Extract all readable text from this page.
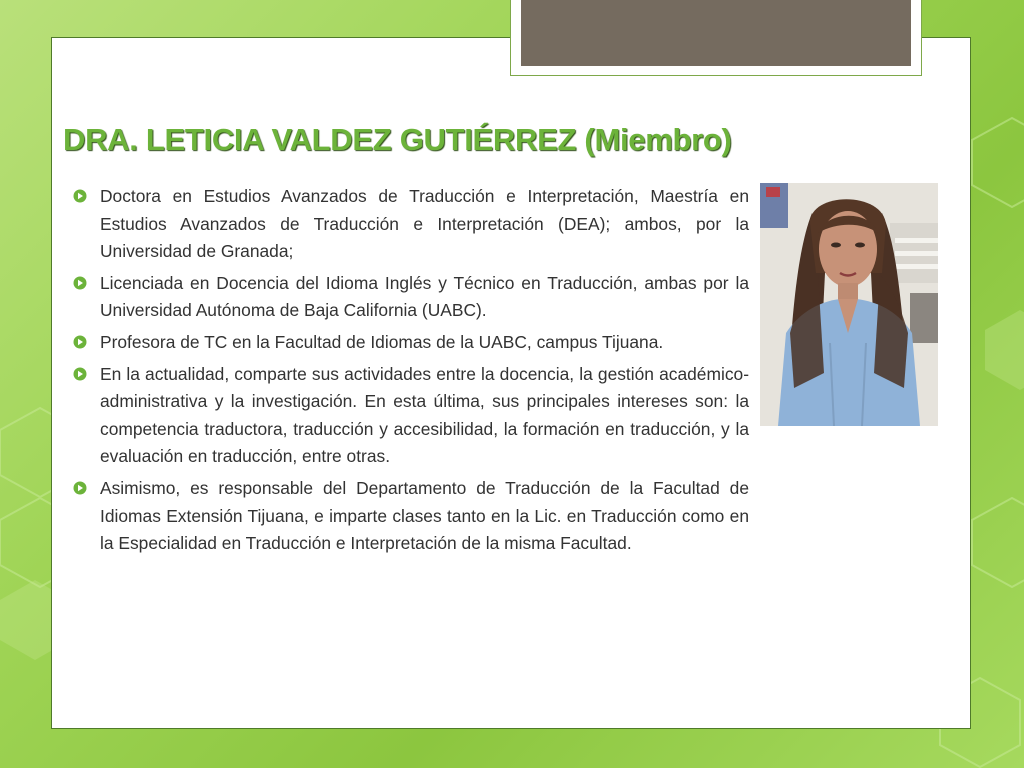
DRA. LETICIA VALDEZ GUTIÉRREZ (Miembro)
Doctora en Estudios Avanzados de Traducción e Interpretación, Maestría en Estudios Avanzados de Traducción e Interpretación (DEA); ambos, por la Universidad de Granada;
Licenciada en Docencia del Idioma Inglés y Técnico en Traducción, ambas por la Universidad Autónoma de Baja California (UABC).
Profesora de TC en la Facultad de Idiomas de la UABC, campus Tijuana.
En la actualidad, comparte sus actividades entre la docencia, la gestión académico- administrativa y la investigación. En esta última, sus principales intereses son: la competencia traductora, traducción y accesibilidad, la formación en traducción, y la evaluación en traducción, entre otras.
Asimismo, es responsable del Departamento de Traducción de la Facultad de Idiomas Extensión Tijuana, e imparte clases tanto en la Lic. en Traducción como en la Especialidad en Traducción e Interpretación de la misma Facultad.
